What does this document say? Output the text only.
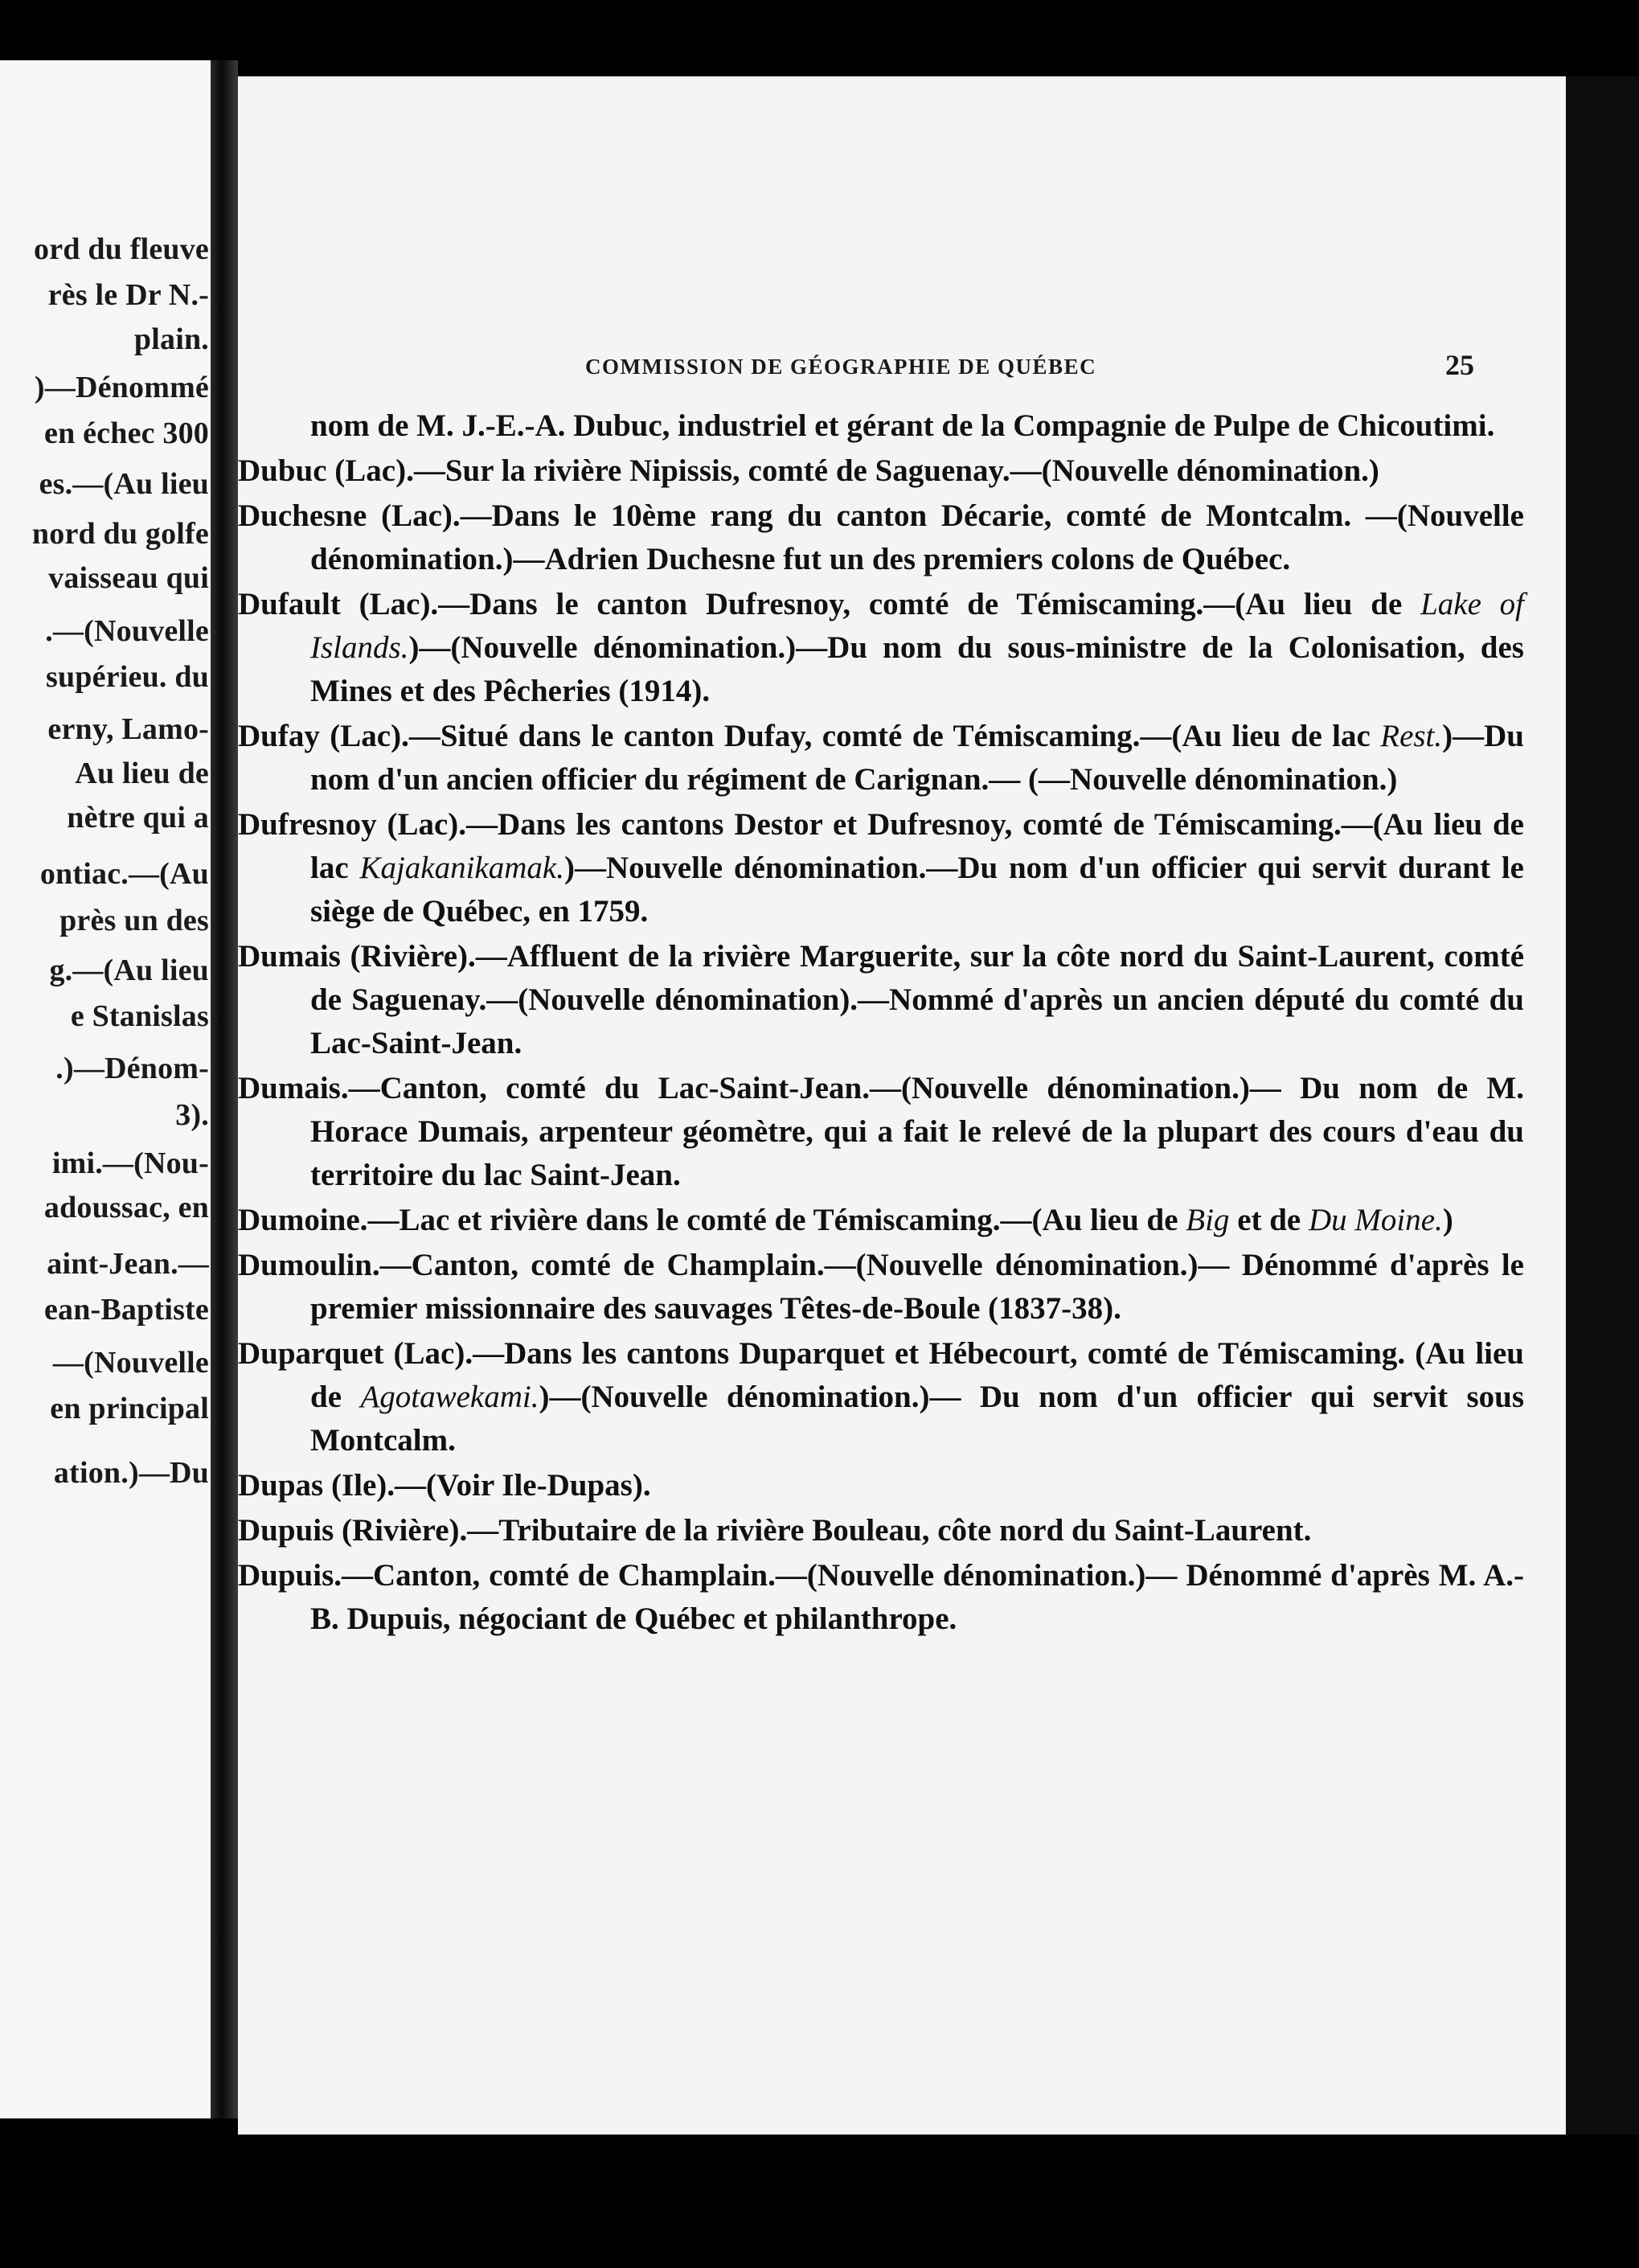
ord du fleuve
rès le Dr N.-
plain.
)—Dénommé
en échec 300
es.—(Au lieu
nord du golfe
vaisseau qui
.—(Nouvelle
supérieu. du
erny, Lamo-
Au lieu de
nètre qui a
ontiac.—(Au
près un des
g.—(Au lieu
e Stanislas
.)—Dénom-
3).
imi.—(Nou-
adoussac, en
aint-Jean.—
ean-Baptiste
—(Nouvelle
en principal
ation.)—Du
COMMISSION DE GÉOGRAPHIE DE QUÉBEC	25
nom de M. J.-E.-A. Dubuc, industriel et gérant de la Compagnie de Pulpe de Chicoutimi.
Dubuc (Lac).—Sur la rivière Nipissis, comté de Saguenay.—(Nouvelle dénomination.)
Duchesne (Lac).—Dans le 10ème rang du canton Décarie, comté de Montcalm. —(Nouvelle dénomination.)—Adrien Duchesne fut un des premiers colons de Québec.
Dufault (Lac).—Dans le canton Dufresnoy, comté de Témiscaming.—(Au lieu de Lake of Islands.)—(Nouvelle dénomination.)—Du nom du sous-ministre de la Colonisation, des Mines et des Pêcheries (1914).
Dufay (Lac).—Situé dans le canton Dufay, comté de Témiscaming.—(Au lieu de lac Rest.)—Du nom d'un ancien officier du régiment de Carignan.— (—Nouvelle dénomination.)
Dufresnoy (Lac).—Dans les cantons Destor et Dufresnoy, comté de Témiscaming.—(Au lieu de lac Kajakanikamak.)—Nouvelle dénomination.—Du nom d'un officier qui servit durant le siège de Québec, en 1759.
Dumais (Rivière).—Affluent de la rivière Marguerite, sur la côte nord du Saint-Laurent, comté de Saguenay.—(Nouvelle dénomination).—Nommé d'après un ancien député du comté du Lac-Saint-Jean.
Dumais.—Canton, comté du Lac-Saint-Jean.—(Nouvelle dénomination.)— Du nom de M. Horace Dumais, arpenteur géomètre, qui a fait le relevé de la plupart des cours d'eau du territoire du lac Saint-Jean.
Dumoine.—Lac et rivière dans le comté de Témiscaming.—(Au lieu de Big et de Du Moine.)
Dumoulin.—Canton, comté de Champlain.—(Nouvelle dénomination.)— Dénommé d'après le premier missionnaire des sauvages Têtes-de-Boule (1837-38).
Duparquet (Lac).—Dans les cantons Duparquet et Hébecourt, comté de Témiscaming. (Au lieu de Agotawekami.)—(Nouvelle dénomination.)— Du nom d'un officier qui servit sous Montcalm.
Dupas (Ile).—(Voir Ile-Dupas).
Dupuis (Rivière).—Tributaire de la rivière Bouleau, côte nord du Saint-Laurent.
Dupuis.—Canton, comté de Champlain.—(Nouvelle dénomination.)— Dénommé d'après M. A.-B. Dupuis, négociant de Québec et philanthrope.
